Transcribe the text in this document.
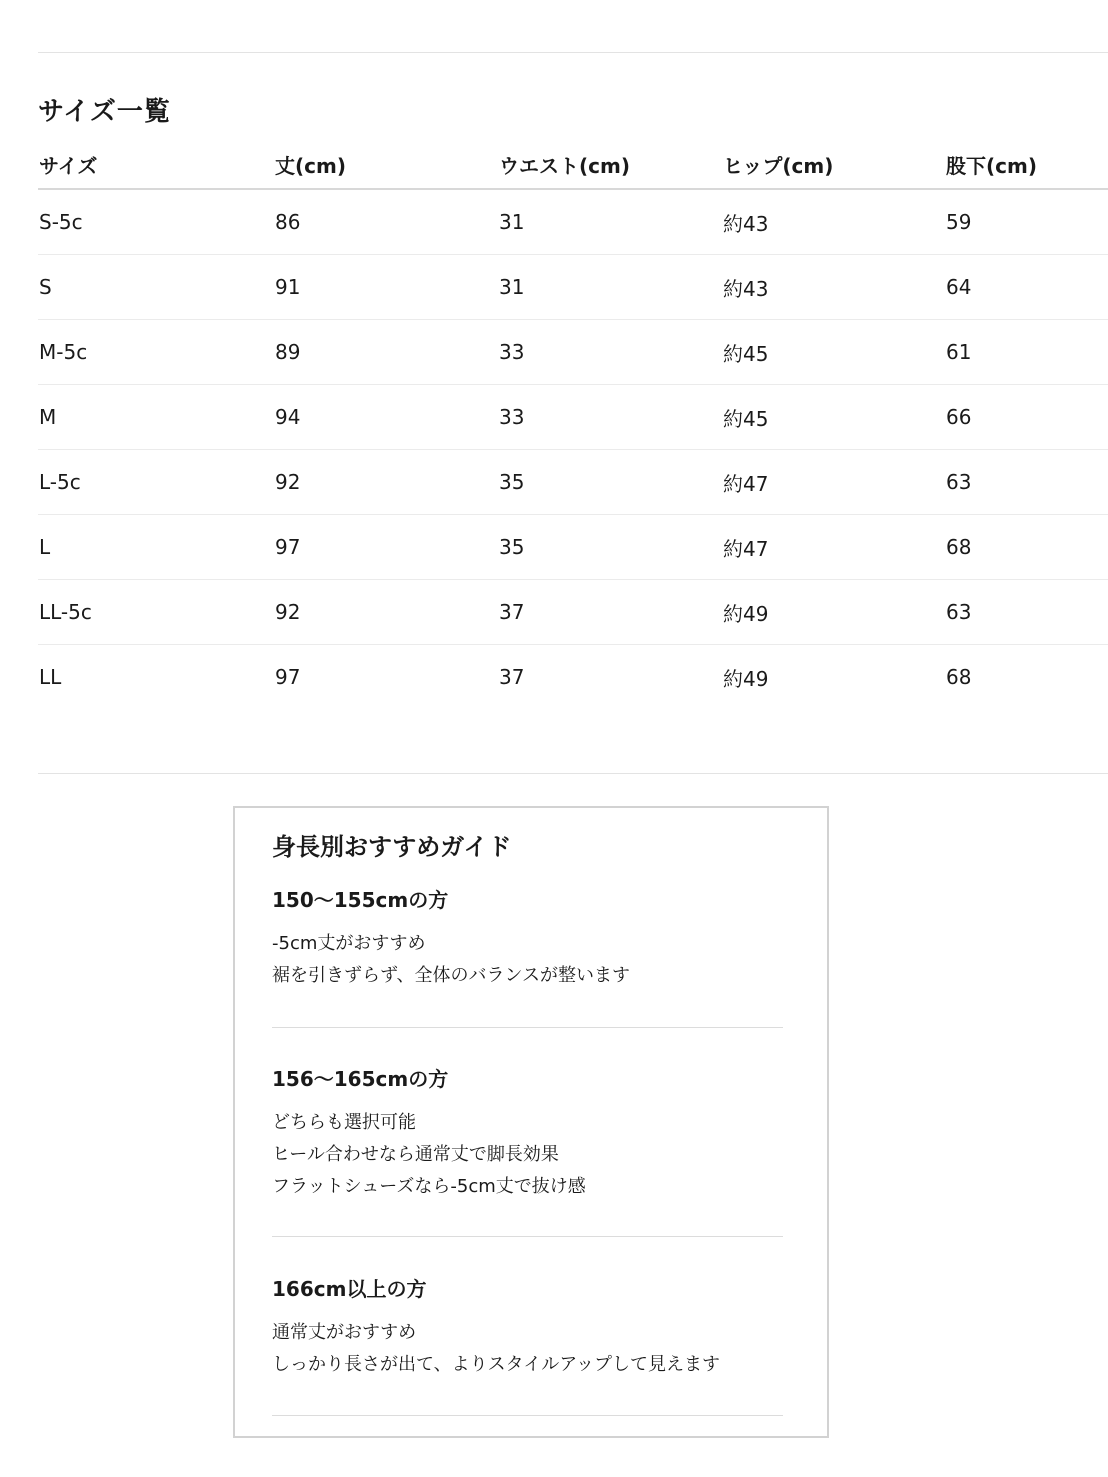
サイズ一覧
サイズ	丈(cm)	ウエスト(cm)	ヒップ(cm)	股下(cm)
S-5c	86	31	約43	59
S	91	31	約43	64
M-5c	89	33	約45	61
M	94	33	約45	66
L-5c	92	35	約47	63
L	97	35	約47	68
LL-5c	92	37	約49	63
LL	97	37	約49	68
身長別おすすめガイド

150〜155cmの方

-5cm丈がおすすめ

裾を引きずらず、全体のバランスが整います

156〜165cmの方

どちらも選択可能

ヒール合わせなら通常丈で脚長効果

フラットシューズなら-5cm丈で抜け感

166cm以上の方

通常丈がおすすめ

しっかり長さが出て、よりスタイルアップして見えます
